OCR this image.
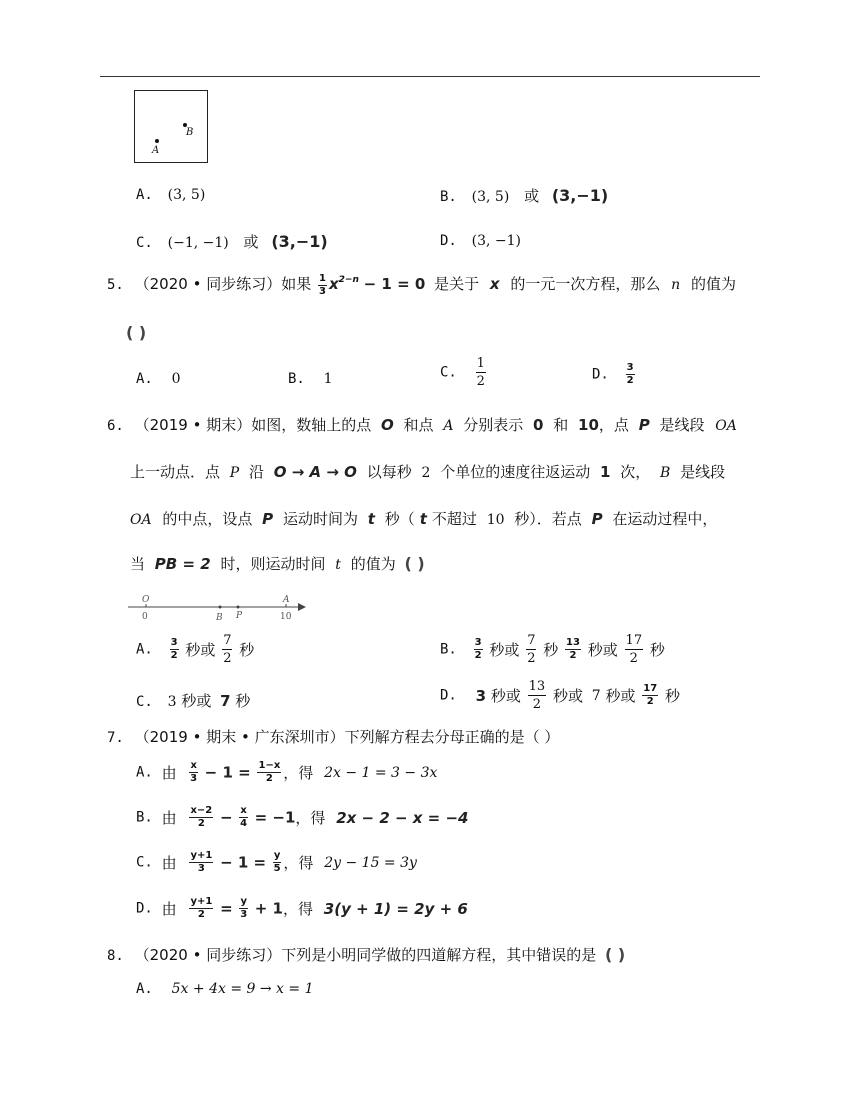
A
B
A. (3, 5)	B. (3, 5) 或 (3,−1)
C. (−1, −1) 或 (3,−1)	D. (3, −1)
5. （2020 • 同步练习）如果 $\frac{1}{3} x^{2-n} - 1 = 0$ 是关于 x 的一元一次方程，那么 n 的值为
( )
A. 0	B. 1	C. $\frac{1}{2}$	D. $\frac{3}{2}$
6. （2019 • 期末）如图，数轴上的点 O 和点 A 分别表示 0 和 10，点 P 是线段 OA
上一动点．点 P 沿 O → A → O 以每秒 2 个单位的速度往返运动 1 次， B 是线段
OA 的中点，设点 P 运动时间为 t 秒（ t 不超过 10 秒）．若点 P 在运动过程中，
当 PB = 2 时，则运动时间 t 的值为 ( )
O
0	B P
A
10
A. $\frac{3}{2}$ 秒或 $\frac{7}{2}$ 秒	B. $\frac{3}{2}$ 秒或 $\frac{7}{2}$ 秒 $\frac{13}{2}$ 秒或 $\frac{17}{2}$ 秒
C. 3 秒或 7 秒	D. 3 秒或 $\frac{13}{2}$ 秒或 7 秒或 $\frac{17}{2}$ 秒
7. （2019 • 期末 • 广东深圳市）下列解方程去分母正确的是（ ）
A. 由 $\frac{x}{3} - 1 = \frac{1-x}{2}$ ，得 2x − 1 = 3 − 3x
B. 由 $\frac{x-2}{2} - \frac{x}{4} = -1$，得 2x − 2 − x = −4
C. 由 $\frac{y+1}{3} - 1 = \frac{y}{5}$ ，得 2y − 15 = 3y
D. 由 $\frac{y+1}{2} = \frac{y}{3} + 1$，得 3(y + 1) = 2y + 6
8. （2020 • 同步练习）下列是小明同学做的四道解方程，其中错误的是 ( )
A. 5x + 4x = 9 → x = 1
